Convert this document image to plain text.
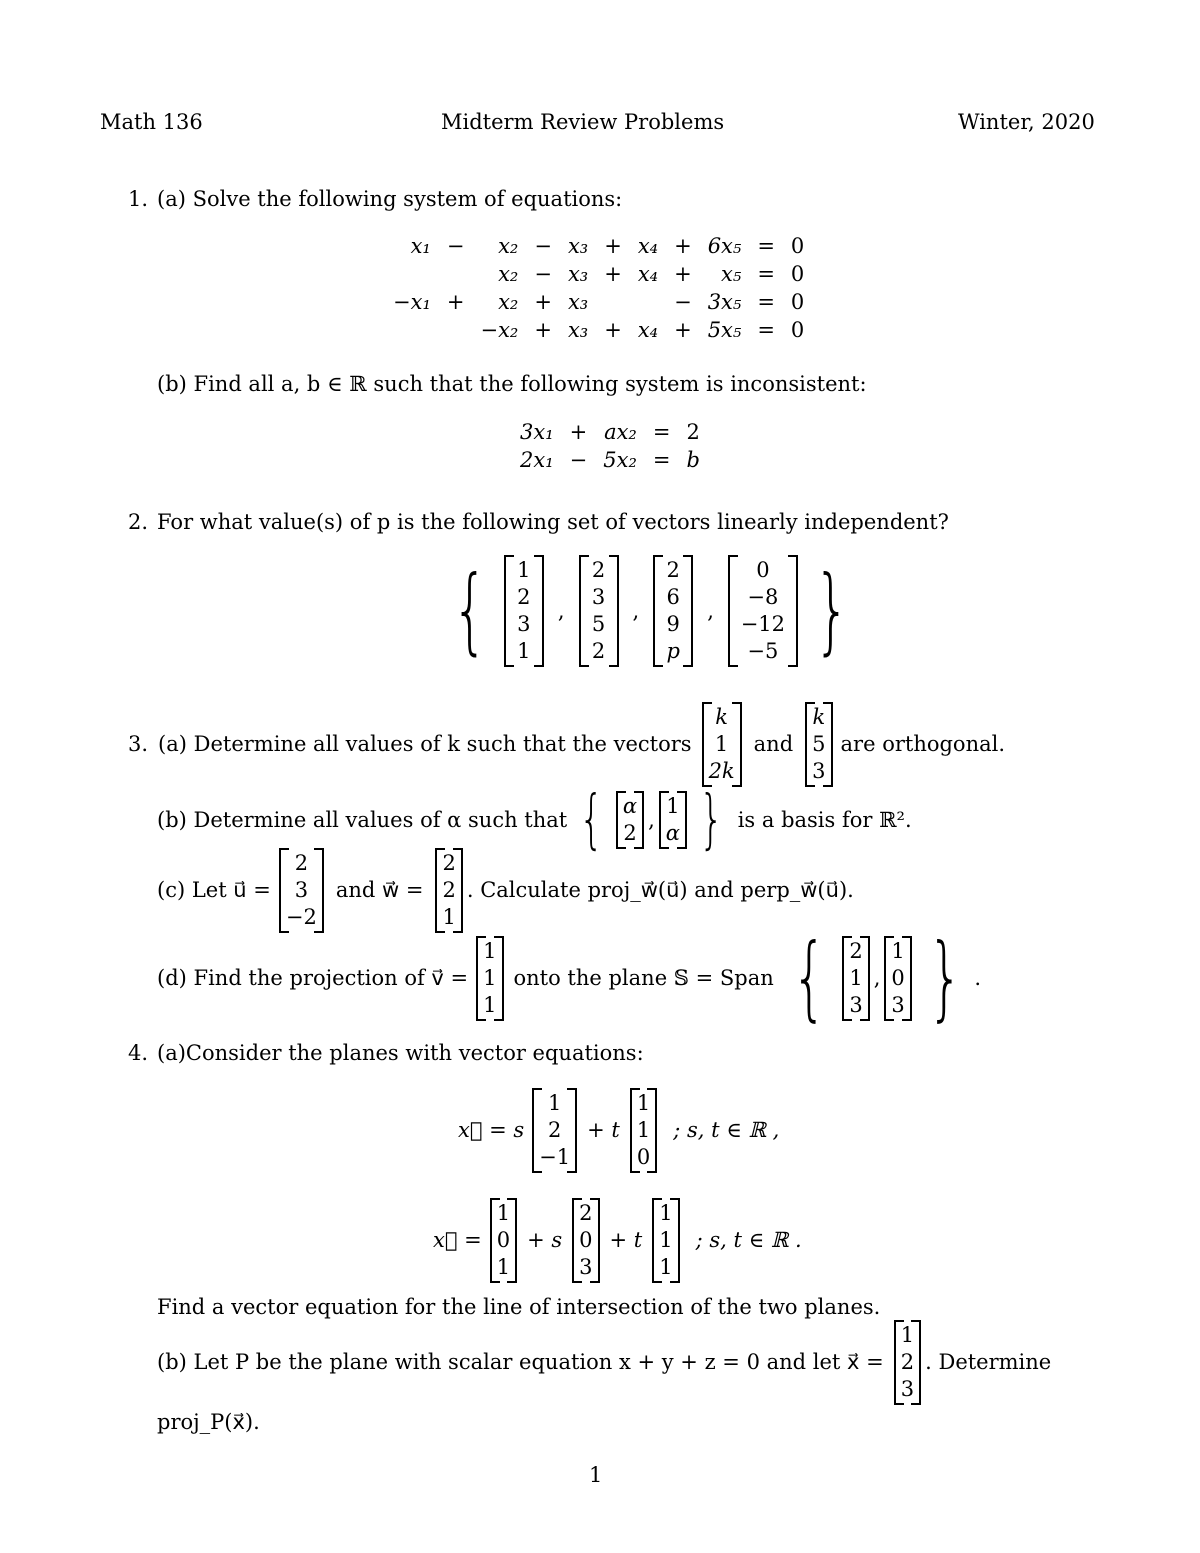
Math 136	Midterm Review Problems	Winter, 2020
1. (a) Solve the following system of equations:
x₁	−	x₂	−	x₃	+	x₄	+	6x₅	=	0
		x₂	−	x₃	+	x₄	+	x₅	=	0
−x₁	+	x₂	+	x₃			−	3x₅	=	0
		−x₂	+	x₃	+	x₄	+	5x₅	=	0
(b) Find all a, b ∈ ℝ such that the following system is inconsistent:
3x₁	+	ax₂	=	2
2x₁	−	5x₂	=	b
2. For what value(s) of p is the following set of vectors linearly independent?
{	1
2
3
1
,
2
3
5
2
,
2
6
9
p
,
0
−8
−12
−5 }
3. (a) Determine all values of k such that the vectors
k
1
2k
and
k
5
3
are orthogonal.
(b) Determine all values of α such that { α
2
,
1
α } is a basis for ℝ².
(c) Let u⃗ =
2
3
−2
and w⃗ =
2
2
1
. Calculate proj_w⃗(u⃗) and perp_w⃗(u⃗).
(d) Find the projection of v⃗ =
1
1
1
onto the plane 𝕊 = Span { 2
1
3
,
1
0
3 } .
4. (a)Consider the planes with vector equations:
x⃗ = s
1
2
−1
+ t
1
1
0
; s, t ∈ ℝ ,
x⃗ =
1
0
1
+ s
2
0
3
+ t
1
1
1
; s, t ∈ ℝ .
Find a vector equation for the line of intersection of the two planes.
(b) Let P be the plane with scalar equation x + y + z = 0 and let x⃗ =
1
2
3
. Determine
proj_P(x⃗).
1
